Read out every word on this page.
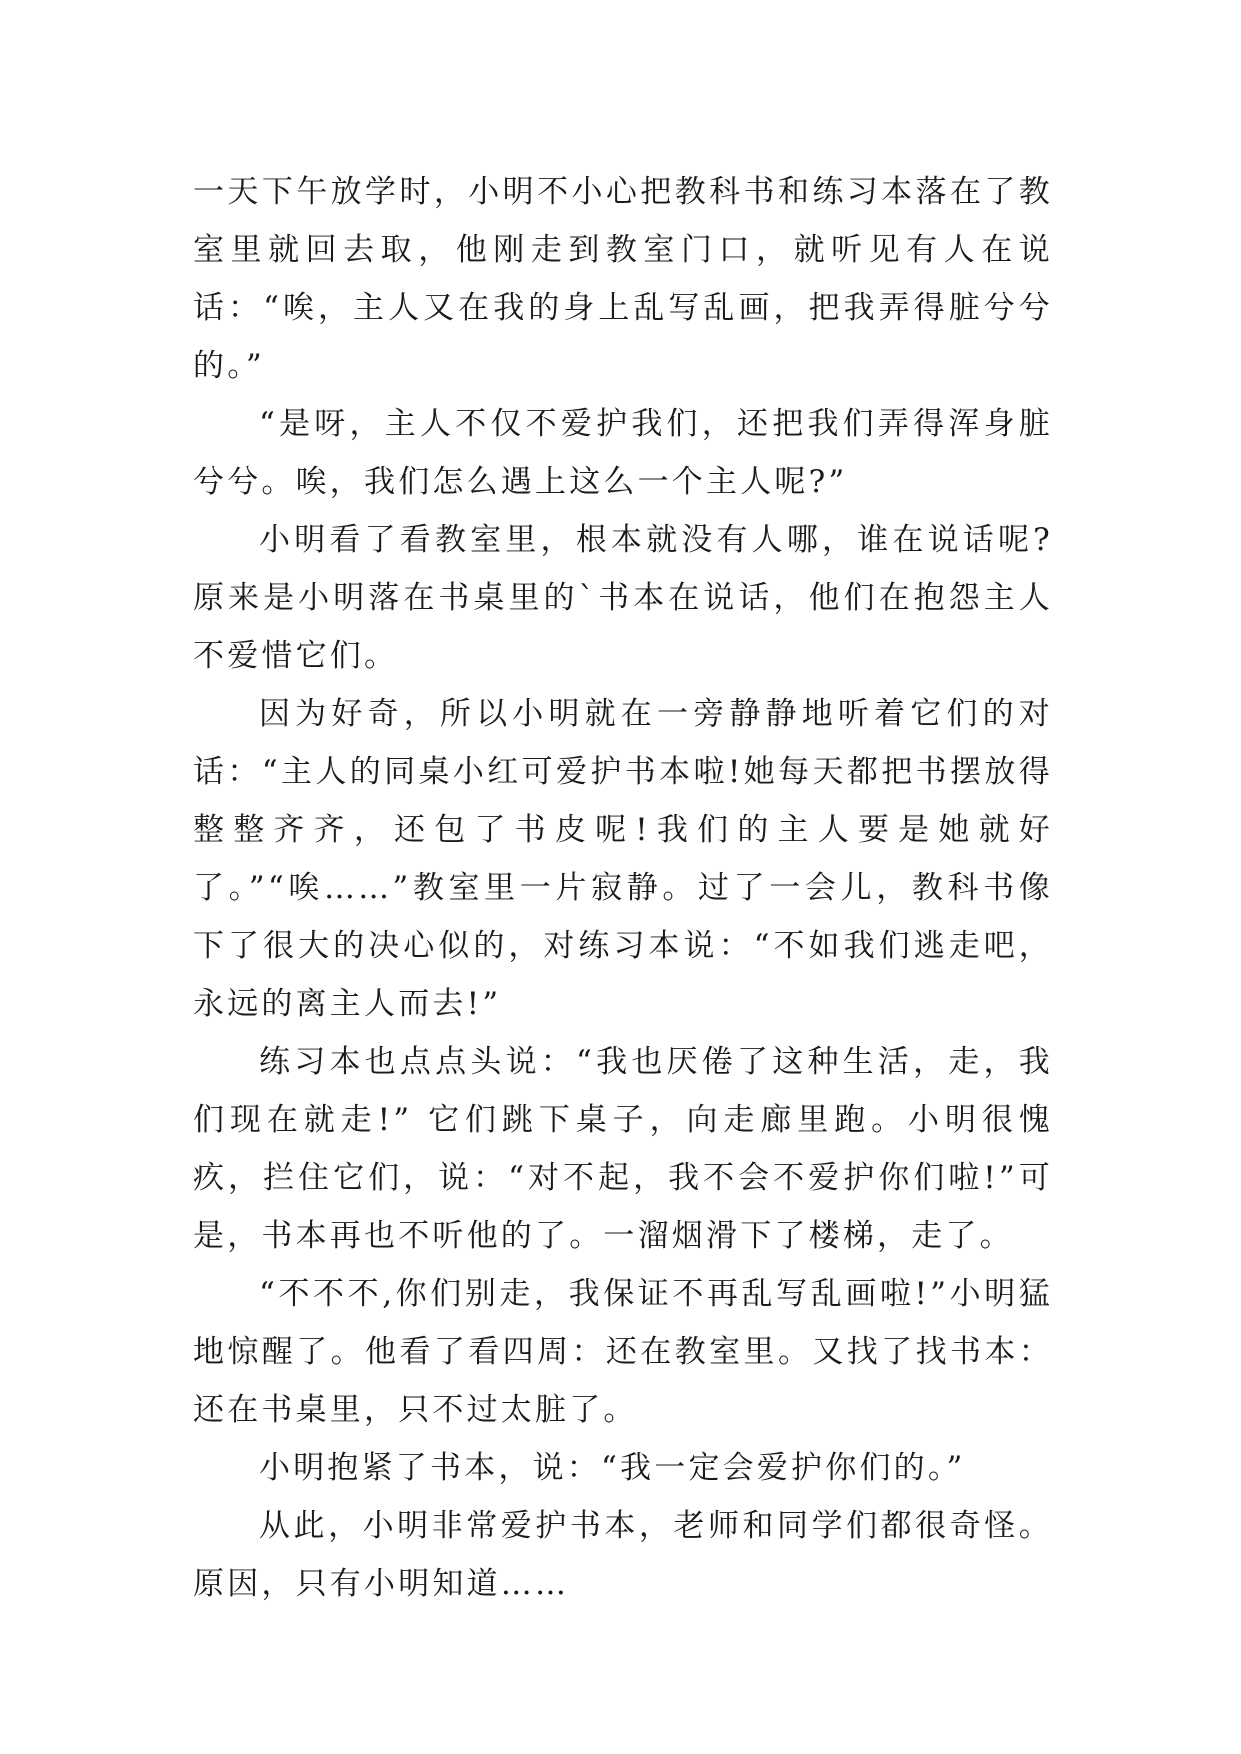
一天下午放学时，小明不小心把教科书和练习本落在了教室里就回去取，他刚走到教室门口，就听见有人在说话：“唉，主人又在我的身上乱写乱画，把我弄得脏兮兮的。”

“是呀，主人不仅不爱护我们，还把我们弄得浑身脏兮兮。唉，我们怎么遇上这么一个主人呢?”

小明看了看教室里，根本就没有人哪，谁在说话呢?原来是小明落在书桌里的`书本在说话，他们在抱怨主人不爱惜它们。

因为好奇，所以小明就在一旁静静地听着它们的对话：“主人的同桌小红可爱护书本啦!她每天都把书摆放得整整齐齐，还包了书皮呢!我们的主人要是她就好了。”“唉……”教室里一片寂静。过了一会儿，教科书像下了很大的决心似的，对练习本说：“不如我们逃走吧，永远的离主人而去!”

练习本也点点头说：“我也厌倦了这种生活，走，我们现在就走!” 它们跳下桌子，向走廊里跑。小明很愧疚，拦住它们，说：“对不起，我不会不爱护你们啦!”可是，书本再也不听他的了。一溜烟滑下了楼梯，走了。

“不不不,你们别走，我保证不再乱写乱画啦!”小明猛地惊醒了。他看了看四周：还在教室里。又找了找书本：还在书桌里，只不过太脏了。

小明抱紧了书本，说：“我一定会爱护你们的。”

从此，小明非常爱护书本，老师和同学们都很奇怪。原因，只有小明知道……
